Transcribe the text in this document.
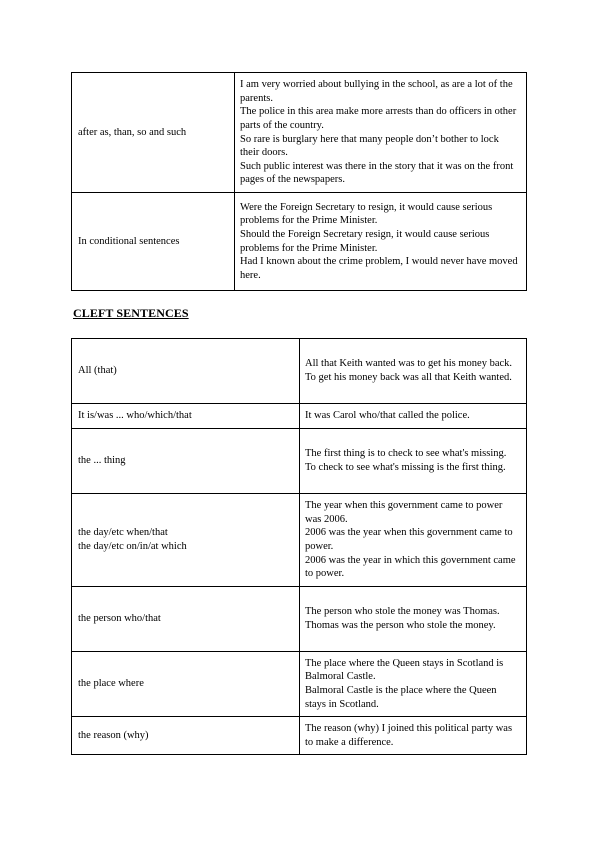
after as, than, so and such	I am very worried about bullying in the school, as are a lot of the parents.
The police in this area make more arrests than do officers in other parts of the country.
So rare is burglary here that many people don’t bother to lock their doors.
Such public interest was there in the story that it was on the front pages of the newspapers.

In conditional sentences	Were the Foreign Secretary to resign, it would cause serious problems for the Prime Minister.
Should the Foreign Secretary resign, it would cause serious problems for the Prime Minister.
Had I known about the crime problem, I would never have moved here.
CLEFT SENTENCES
All (that)	All that Keith wanted was to get his money back.
To get his money back was all that Keith wanted.

It is/was ... who/which/that	It was Carol who/that called the police.

the ... thing	The first thing is to check to see what's missing.
To check to see what's missing is the first thing.

the day/etc when/that
the day/etc on/in/at which	The year when this government came to power was 2006.
2006 was the year when this government came to power.
2006 was the year in which this government came to power.

the person who/that	The person who stole the money was Thomas.
Thomas was the person who stole the money.

the place where	The place where the Queen stays in Scotland is Balmoral Castle.
Balmoral Castle is the place where the Queen stays in Scotland.

the reason (why)	The reason (why) I joined this political party was to make a difference.
